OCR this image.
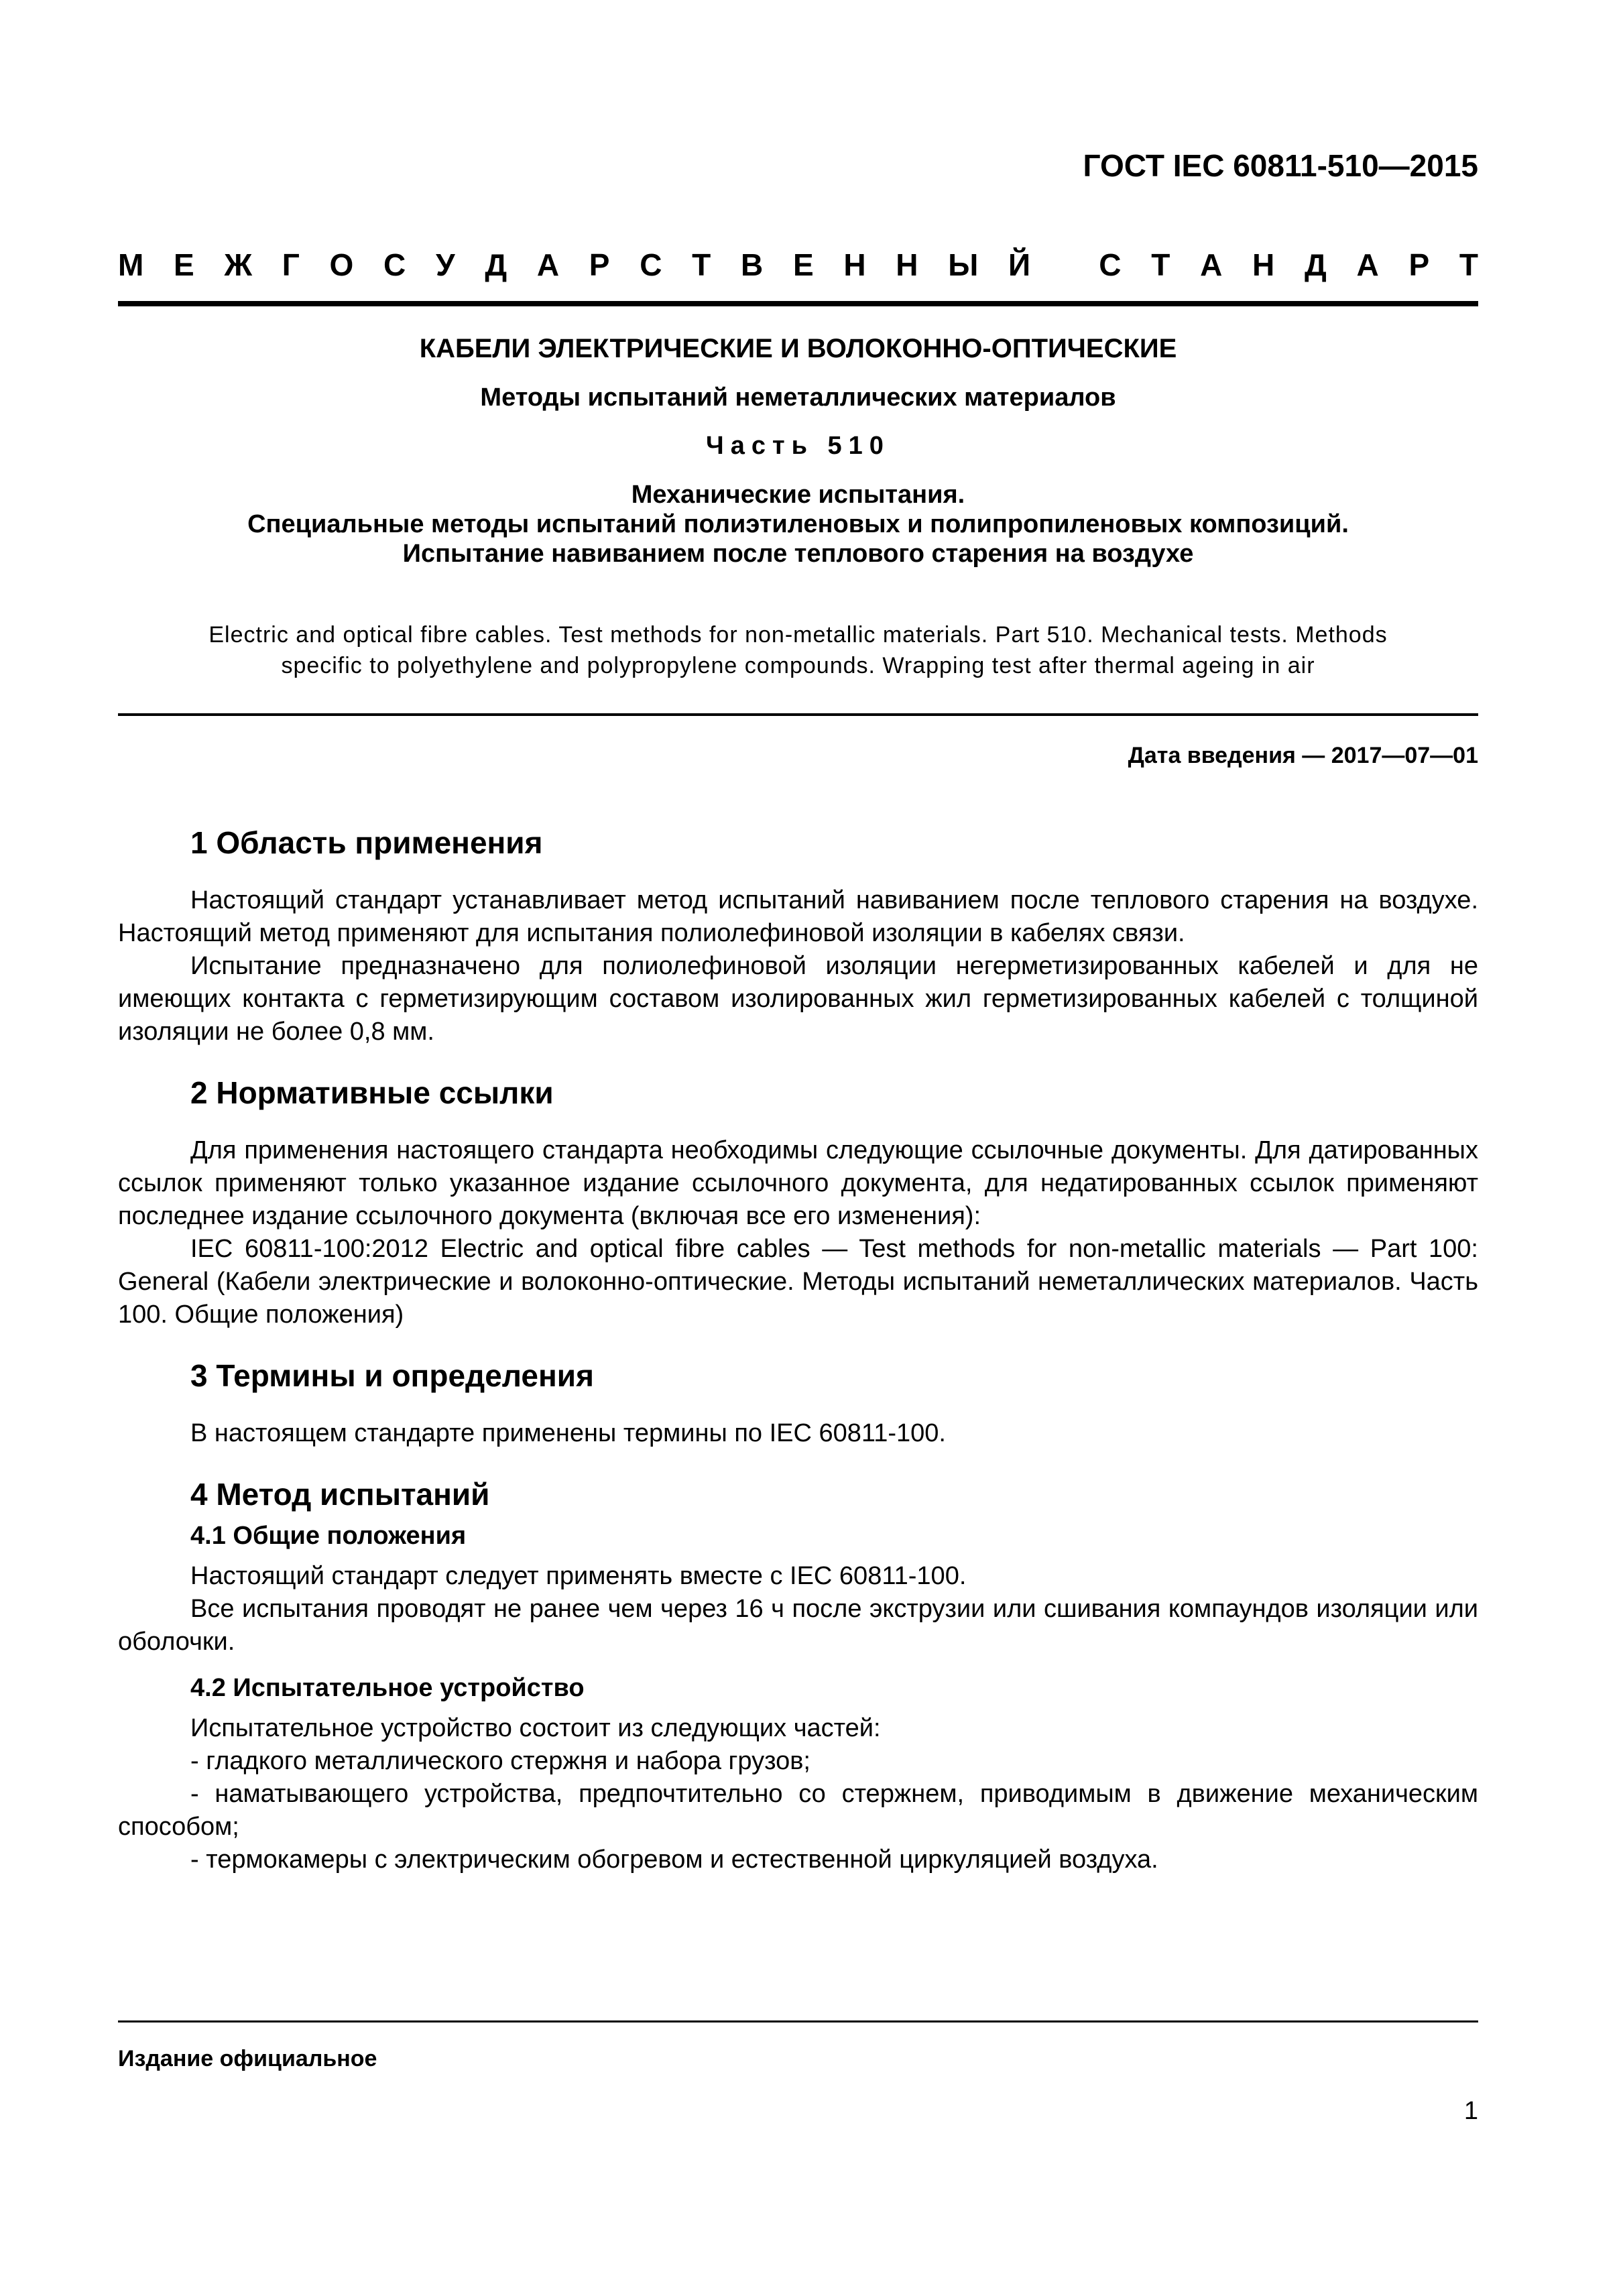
ГОСТ IEC 60811-510—2015
М Е Ж Г О С У Д А Р С Т В Е Н Н Ы Й
С Т А Н Д А Р Т
КАБЕЛИ ЭЛЕКТРИЧЕСКИЕ И ВОЛОКОННО-ОПТИЧЕСКИЕ
Методы испытаний неметаллических материалов
Часть 510
Механические испытания.
Специальные методы испытаний полиэтиленовых и полипропиленовых композиций.
Испытание навиванием после теплового старения на воздухе
Electric and optical fibre cables. Test methods for non-metallic materials. Part 510. Mechanical tests. Methods
specific to polyethylene and polypropylene compounds. Wrapping test after thermal ageing in air
Дата введения — 2017—07—01
1 Область применения

Настоящий стандарт устанавливает метод испытаний навиванием после теплового старения на воздухе. Настоящий метод применяют для испытания полиолефиновой изоляции в кабелях связи.

Испытание предназначено для полиолефиновой изоляции негерметизированных кабелей и для не имеющих контакта с герметизирующим составом изолированных жил герметизированных кабелей с толщиной изоляции не более 0,8 мм.

2 Нормативные ссылки

Для применения настоящего стандарта необходимы следующие ссылочные документы. Для датированных ссылок применяют только указанное издание ссылочного документа, для недатированных ссылок применяют последнее издание ссылочного документа (включая все его изменения):

IEC 60811-100:2012 Electric and optical fibre cables — Test methods for non-metallic materials — Part 100: General (Кабели электрические и волоконно-оптические. Методы испытаний неметаллических материалов. Часть 100. Общие положения)

3 Термины и определения

В настоящем стандарте применены термины по IEC 60811-100.

4 Метод испытаний
4.1 Общие положения

Настоящий стандарт следует применять вместе с IEC 60811-100.

Все испытания проводят не ранее чем через 16 ч после экструзии или сшивания компаундов изоляции или оболочки.

4.2 Испытательное устройство

Испытательное устройство состоит из следующих частей:

- гладкого металлического стержня и набора грузов;

- наматывающего устройства, предпочтительно со стержнем, приводимым в движение механическим способом;

- термокамеры с электрическим обогревом и естественной циркуляцией воздуха.

Издание официальное
1
